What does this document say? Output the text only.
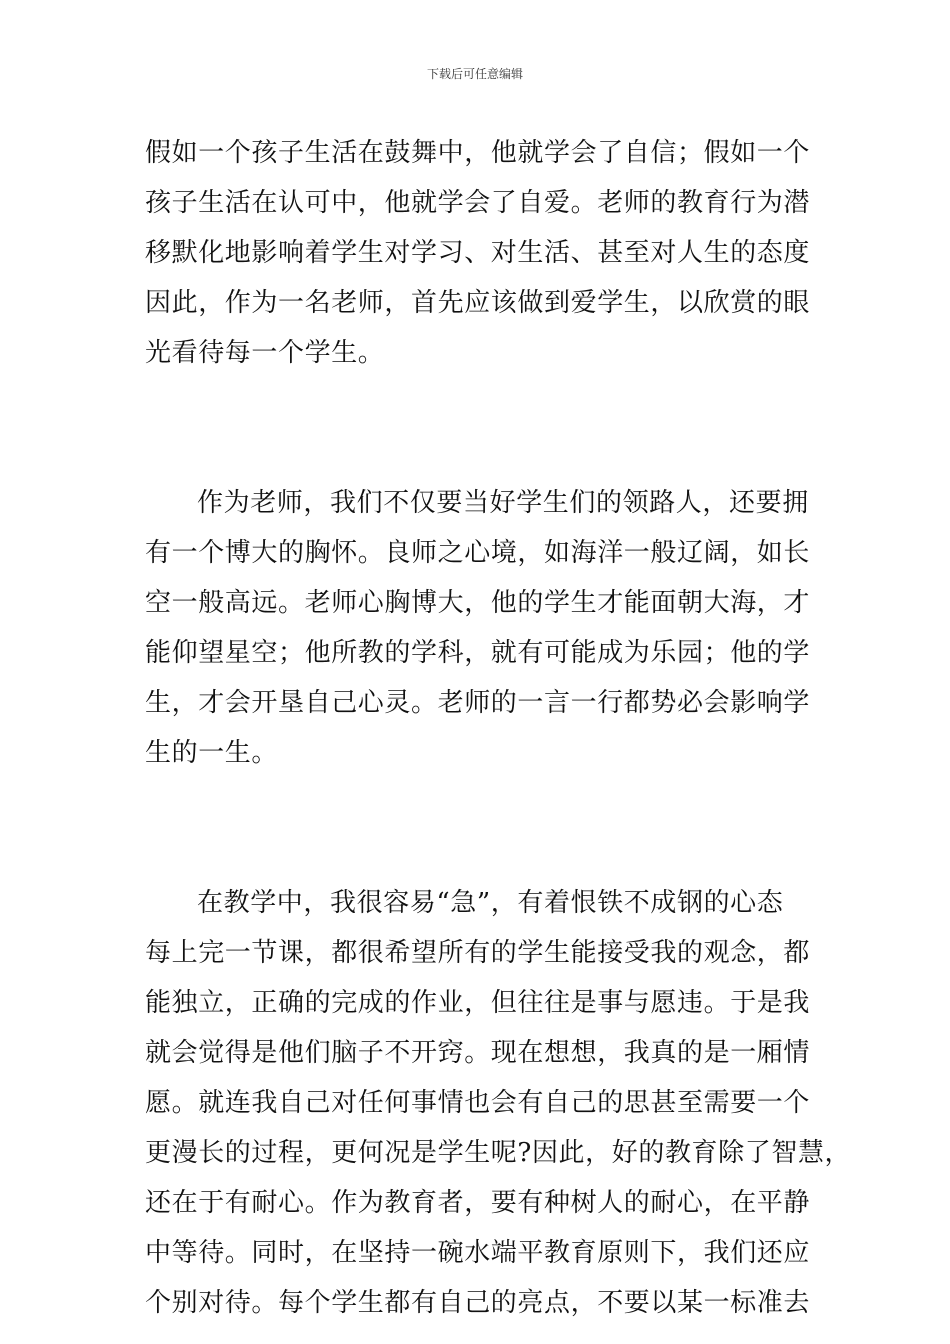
下载后可任意编辑
假如一个孩子生活在鼓舞中，他就学会了自信；假如一个
孩子生活在认可中，他就学会了自爱。老师的教育行为潜
移默化地影响着学生对学习、对生活、甚至对人生的态度
因此，作为一名老师，首先应该做到爱学生，以欣赏的眼
光看待每一个学生。
作为老师，我们不仅要当好学生们的领路人，还要拥
有一个博大的胸怀。良师之心境，如海洋一般辽阔，如长
空一般高远。老师心胸博大，他的学生才能面朝大海，才
能仰望星空；他所教的学科，就有可能成为乐园；他的学
生，才会开垦自己心灵。老师的一言一行都势必会影响学
生的一生。
在教学中，我很容易“急”，有着恨铁不成钢的心态
每上完一节课，都很希望所有的学生能接受我的观念，都
能独立，正确的完成的作业，但往往是事与愿违。于是我
就会觉得是他们脑子不开窍。现在想想，我真的是一厢情
愿。就连我自己对任何事情也会有自己的思甚至需要一个
更漫长的过程，更何况是学生呢?因此，好的教育除了智慧，
还在于有耐心。作为教育者，要有种树人的耐心，在平静
中等待。同时，在坚持一碗水端平教育原则下，我们还应
个别对待。每个学生都有自己的亮点，不要以某一标准去
